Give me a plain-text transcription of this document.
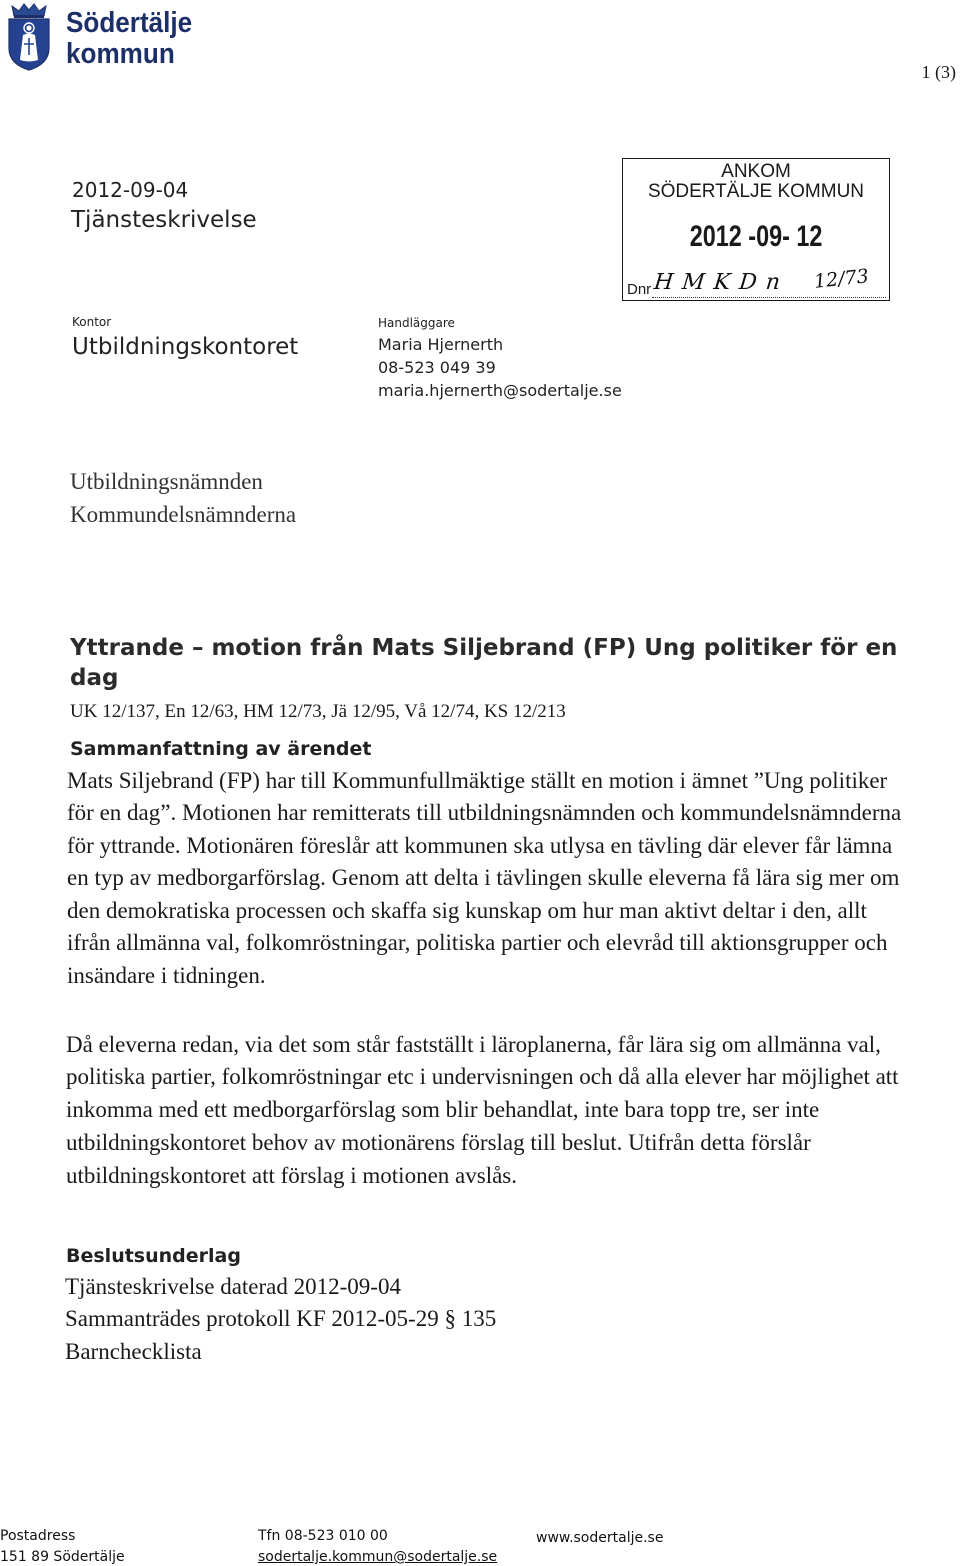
Södertälje
kommun
1 (3)
2012-09-04
Tjänsteskrivelse
Kontor
Utbildningskontoret
Handläggare
Maria Hjernerth
08-523 049 39
maria.hjernerth@sodertalje.se
ANKOM
SÖDERTÄLJE KOMMUN
2012 -09- 12
Dnr HMKDn 12/73
Utbildningsnämnden
Kommundelsnämnderna
Yttrande – motion från Mats Siljebrand (FP) Ung politiker för en
dag
UK 12/137, En 12/63, HM 12/73, Jä 12/95, Vå 12/74, KS 12/213
Sammanfattning av ärendet
Mats Siljebrand (FP) har till Kommunfullmäktige ställt en motion i ämnet ”Ung politiker
för en dag”. Motionen har remitterats till utbildningsnämnden och kommundelsnämnderna
för yttrande. Motionären föreslår att kommunen ska utlysa en tävling där elever får lämna
en typ av medborgarförslag. Genom att delta i tävlingen skulle eleverna få lära sig mer om
den demokratiska processen och skaffa sig kunskap om hur man aktivt deltar i den, allt
ifrån allmänna val, folkomröstningar, politiska partier och elevråd till aktionsgrupper och
insändare i tidningen.
Då eleverna redan, via det som står fastställt i läroplanerna, får lära sig om allmänna val,
politiska partier, folkomröstningar etc i undervisningen och då alla elever har möjlighet att
inkomma med ett medborgarförslag som blir behandlat, inte bara topp tre, ser inte
utbildningskontoret behov av motionärens förslag till beslut. Utifrån detta förslår
utbildningskontoret att förslag i motionen avslås.
Beslutsunderlag
Tjänsteskrivelse daterad 2012-09-04
Sammanträdes protokoll KF 2012-05-29 § 135
Barnchecklista
Postadress
151 89 Södertälje
Tfn 08-523 010 00
sodertalje.kommun@sodertalje.se
www.sodertalje.se
